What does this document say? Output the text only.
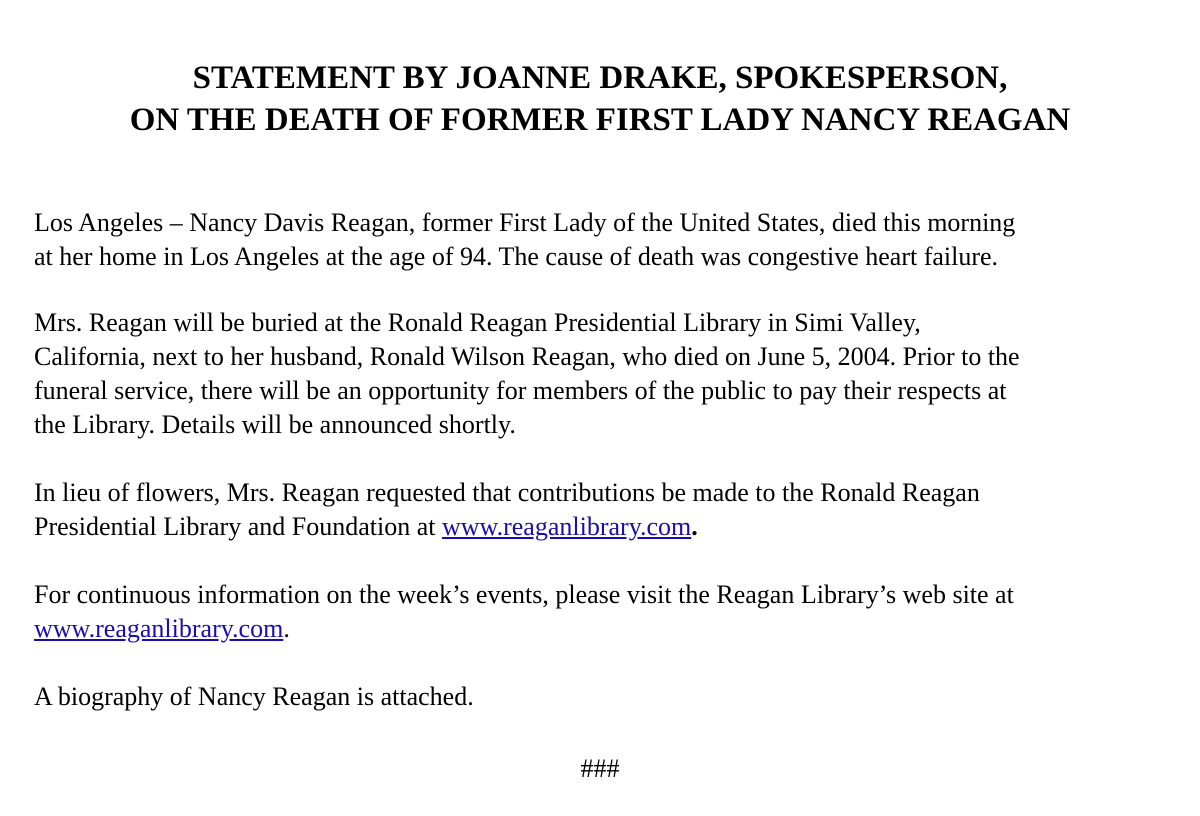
STATEMENT BY JOANNE DRAKE, SPOKESPERSON,
ON THE DEATH OF FORMER FIRST LADY NANCY REAGAN

Los Angeles – Nancy Davis Reagan, former First Lady of the United States, died this morning
at her home in Los Angeles at the age of 94. The cause of death was congestive heart failure.

Mrs. Reagan will be buried at the Ronald Reagan Presidential Library in Simi Valley,
California, next to her husband, Ronald Wilson Reagan, who died on June 5, 2004. Prior to the
funeral service, there will be an opportunity for members of the public to pay their respects at
the Library. Details will be announced shortly.

In lieu of flowers, Mrs. Reagan requested that contributions be made to the Ronald Reagan
Presidential Library and Foundation at www.reaganlibrary.com.

For continuous information on the week’s events, please visit the Reagan Library’s web site at
www.reaganlibrary.com.

A biography of Nancy Reagan is attached.

###
